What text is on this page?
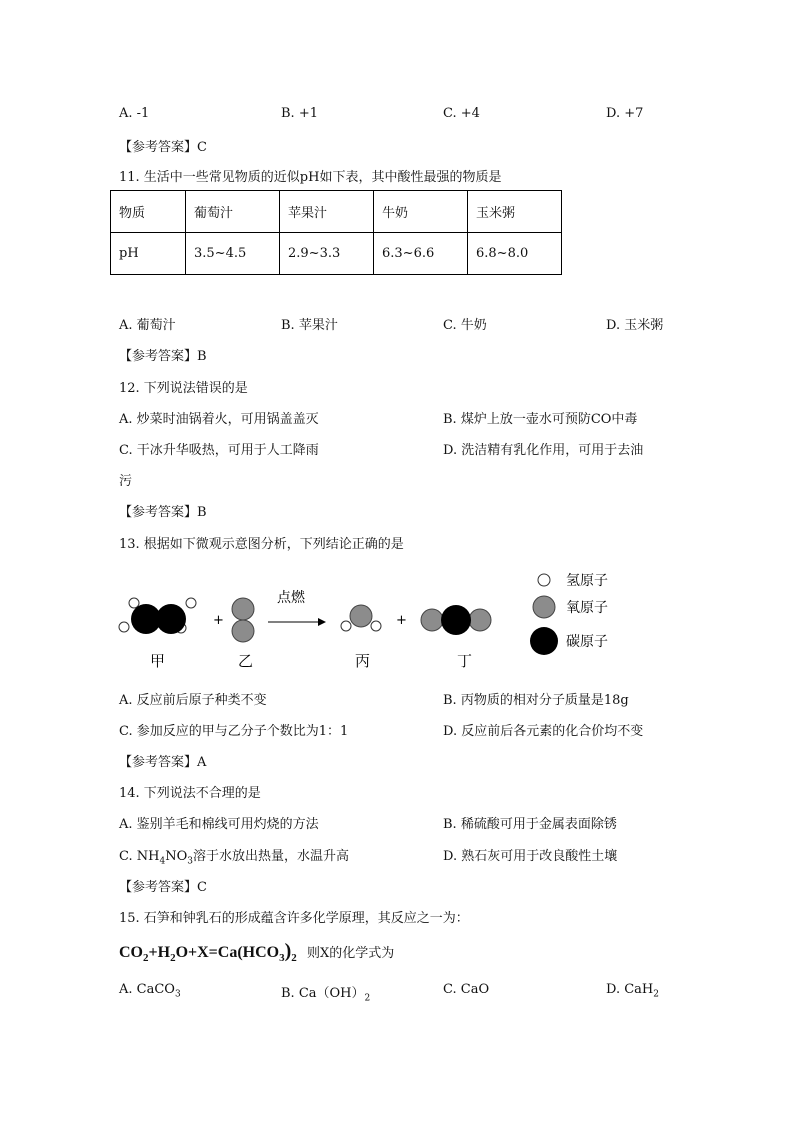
A. -1	B. +1	C. +4	D. +7
【参考答案】C
11. 生活中一些常见物质的近似pH如下表，其中酸性最强的物质是
物质	葡萄汁	苹果汁	牛奶	玉米粥
pH	3.5~4.5	2.9~3.3	6.3~6.6	6.8~8.0
A. 葡萄汁	B. 苹果汁	C. 牛奶	D. 玉米粥
【参考答案】B
12. 下列说法错误的是
A. 炒菜时油锅着火，可用锅盖盖灭	B. 煤炉上放一壶水可预防CO中毒
C. 干冰升华吸热，可用于人工降雨	D. 洗洁精有乳化作用，可用于去油
污
【参考答案】B
13. 根据如下微观示意图分析，下列结论正确的是
+
点燃
+
甲	乙	丙	丁
氢原子
氧原子
碳原子
A. 反应前后原子种类不变	B. 丙物质的相对分子质量是18g
C. 参加反应的甲与乙分子个数比为1：1	D. 反应前后各元素的化合价均不变
【参考答案】A
14. 下列说法不合理的是
A. 鉴别羊毛和棉线可用灼烧的方法	B. 稀硫酸可用于金属表面除锈
C. $NH_4NO_3$溶于水放出热量，水温升高	D. 熟石灰可用于改良酸性土壤
【参考答案】C
15. 石笋和钟乳石的形成蕴含许多化学原理，其反应之一为：
$CO_2+H_2O+X=Ca(HCO_3)_2$ 则X的化学式为
A. CaCO$_3$	B. $Ca(OH)_2$
C. CaO	D. CaH$_2$
